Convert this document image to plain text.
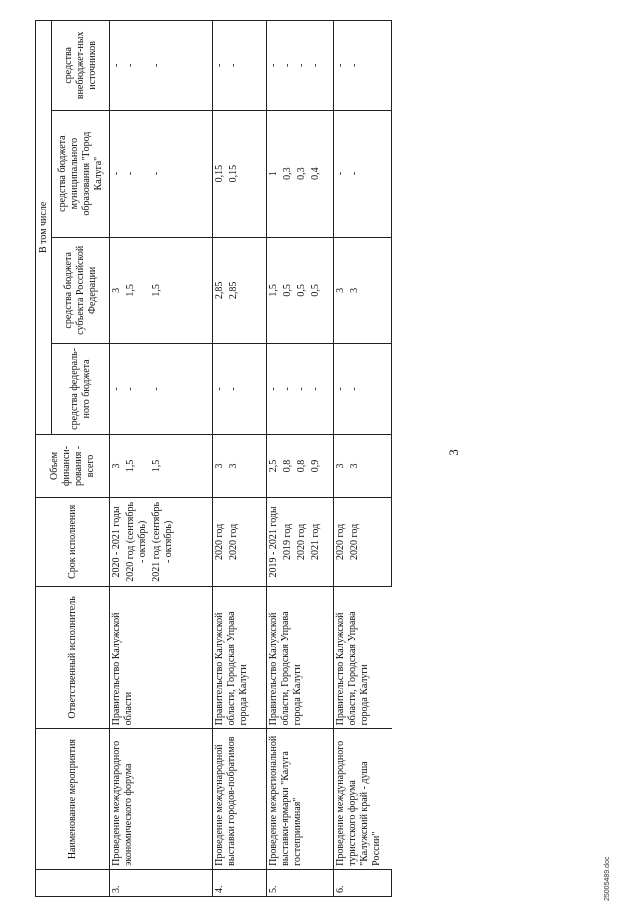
3
	Наименование мероприятия	Ответственный исполнитель	Срок исполнения	Объем финанси-рования - всего	В том числе			
					средства федераль-ного бюджета	средства бюджета субъекта Российской Федерации	средства бюджета муниципального образования "Город Калуга"	средства внебюджет-ных источников
3.	Проведение международного экономического форума	Правительство Калужской области	2020 - 2021 годы	3	-	3	-	-
			2020 год (сентябрь - октябрь)	1,5	-	1,5	-	-
			2021 год (сентябрь - октябрь)	1,5	-	1,5	-	-
4.	Проведение международной выставки городов-побратимов	Правительство Калужской области, Городская Управа города Калуги	2020 год	3	-	2,85	0,15	-
			2020 год	3	-	2,85	0,15	-
5.	Проведение межрегиональной выставки-ярмарки "Калуга гостеприимная"	Правительство Калужской области, Городская Управа города Калуги	2019 - 2021 годы	2,5	-	1,5	1	-
			2019 год	0,8	-	0,5	0,3	-
			2020 год	0,8	-	0,5	0,3	-
			2021 год	0,9	-	0,5	0,4	-
6.	Проведение международного туристского форума "Калужский край - душа России"	Правительство Калужской области, Городская Управа города Калуги	2020 год	3	-	3	-	-
			2020 год	3	-	3	-	-
25005489.doc
